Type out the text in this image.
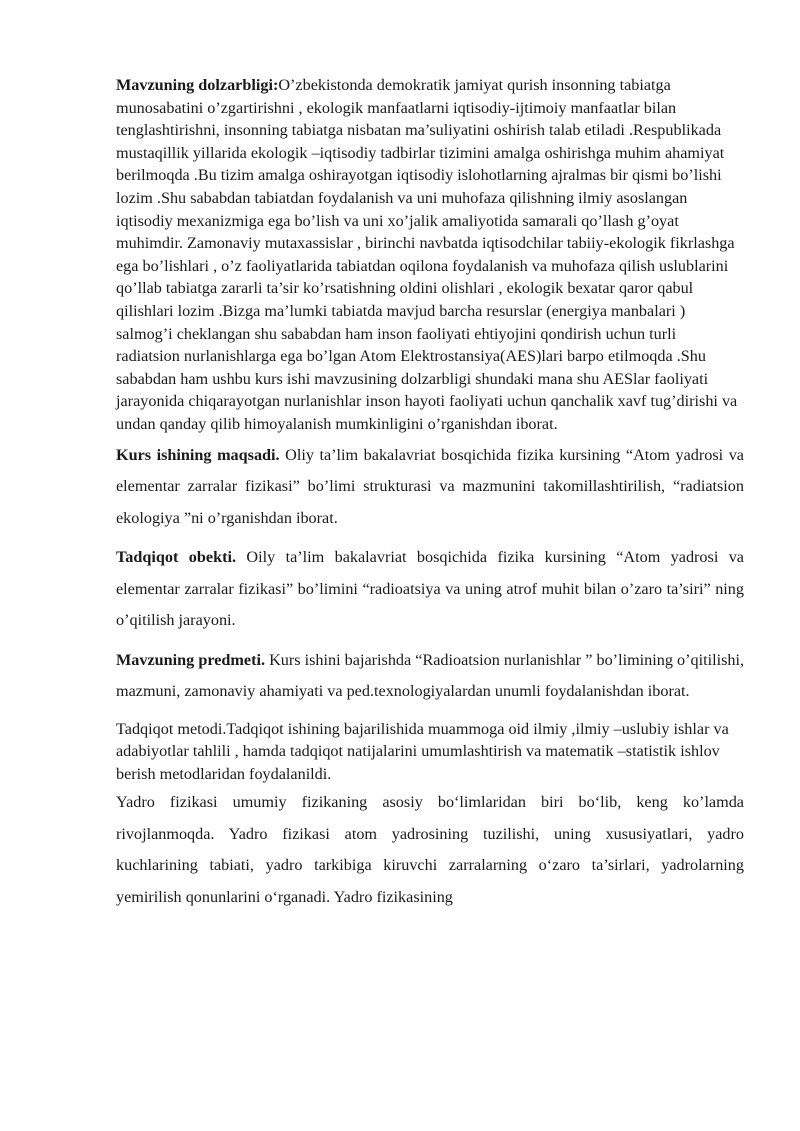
Mavzuning dolzarbligi:O’zbekistonda demokratik jamiyat qurish insonning tabiatga munosabatini o’zgartirishni , ekologik manfaatlarni iqtisodiy-ijtimoiy manfaatlar bilan tenglashtirishni, insonning tabiatga nisbatan ma’suliyatini oshirish talab etiladi .Respublikada mustaqillik yillarida ekologik –iqtisodiy tadbirlar tizimini amalga oshirishga muhim ahamiyat berilmoqda .Bu tizim amalga oshirayotgan iqtisodiy islohotlarning ajralmas bir qismi bo’lishi lozim .Shu sababdan tabiatdan foydalanish va uni muhofaza qilishning ilmiy asoslangan iqtisodiy mexanizmiga ega bo’lish va uni xo’jalik amaliyotida samarali qo’llash g’oyat muhimdir. Zamonaviy mutaxassislar , birinchi navbatda iqtisodchilar tabiiy-ekologik fikrlashga ega bo’lishlari , o’z faoliyatlarida tabiatdan oqilona foydalanish va muhofaza qilish uslublarini qo’llab tabiatga zararli ta’sir ko’rsatishning oldini olishlari , ekologik bexatar qaror qabul qilishlari lozim .Bizga ma’lumki tabiatda mavjud barcha resurslar (energiya manbalari ) salmog’i cheklangan shu sababdan ham inson faoliyati ehtiyojini qondirish uchun turli radiatsion nurlanishlarga ega bo’lgan Atom Elektrostansiya(AES)lari barpo etilmoqda .Shu sababdan ham ushbu kurs ishi mavzusining dolzarbligi shundaki mana shu AESlar faoliyati jarayonida chiqarayotgan nurlanishlar inson hayoti faoliyati uchun qanchalik xavf tug’dirishi va undan qanday qilib himoyalanish mumkinligini o’rganishdan iborat.

Kurs ishining maqsadi. Oliy ta’lim bakalavriat bosqichida fizika kursining “Atom yadrosi va elementar zarralar fizikasi” bo’limi strukturasi va mazmunini takomillashtirilish, “radiatsion ekologiya ”ni o’rganishdan iborat.

Tadqiqot obekti. Oily ta’lim bakalavriat bosqichida fizika kursining “Atom yadrosi va elementar zarralar fizikasi” bo’limini “radioatsiya va uning atrof muhit bilan o’zaro ta’siri” ning o’qitilish jarayoni.

Mavzuning predmeti. Kurs ishini bajarishda “Radioatsion nurlanishlar ” bo’limining o’qitilishi, mazmuni, zamonaviy ahamiyati va ped.texnologiyalardan unumli foydalanishdan iborat.

Tadqiqot metodi.Tadqiqot ishining bajarilishida muammoga oid ilmiy ,ilmiy –uslubiy ishlar va adabiyotlar tahlili , hamda tadqiqot natijalarini umumlashtirish va matematik –statistik ishlov berish metodlaridan foydalanildi.

Yadro fizikasi umumiy fizikaning asosiy bo‘limlaridan biri bo‘lib, keng ko’lamda rivojlanmoqda. Yadro fizikasi atom yadrosining tuzilishi, uning xususiyatlari, yadro kuchlarining tabiati, yadro tarkibiga kiruvchi zarralarning o‘zaro ta’sirlari, yadrolarning yemirilish qonunlarini o‘rganadi. Yadro fizikasining
